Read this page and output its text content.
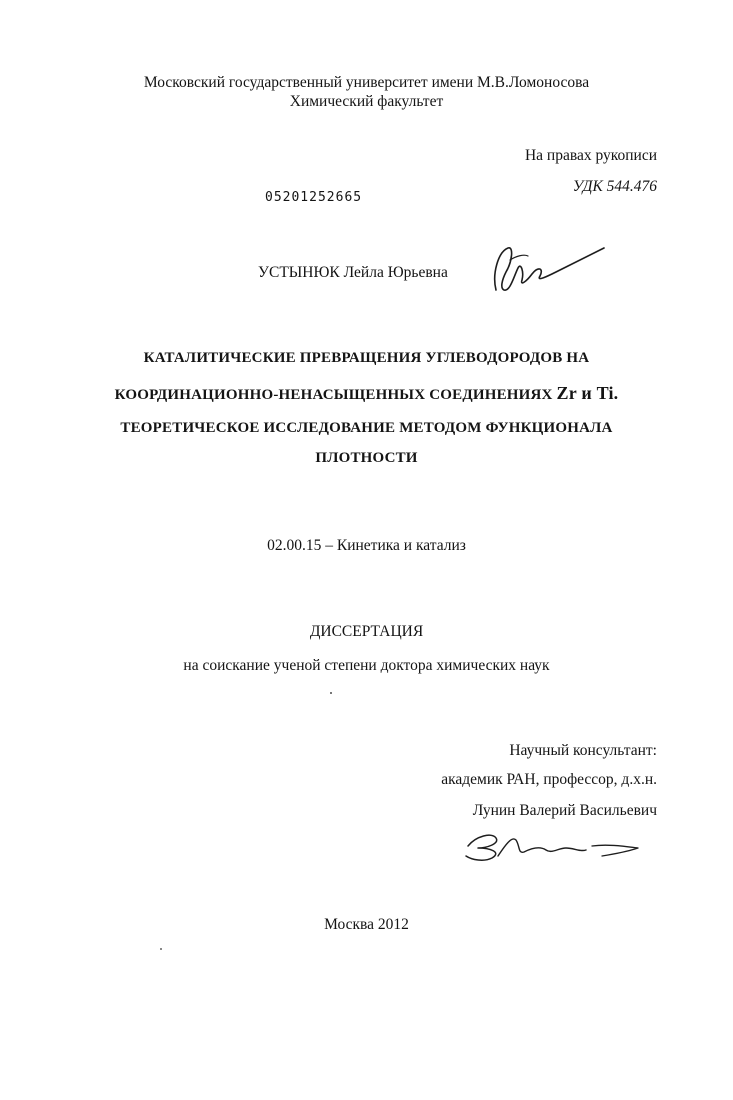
Московский государственный университет имени М.В.Ломоносова
Химический факультет
На правах рукописи
УДК 544.476
05201252665
УСТЫНЮК Лейла Юрьевна
КАТАЛИТИЧЕСКИЕ ПРЕВРАЩЕНИЯ УГЛЕВОДОРОДОВ НА
КООРДИНАЦИОННО-НЕНАСЫЩЕННЫХ СОЕДИНЕНИЯХ Zr и Ti.
ТЕОРЕТИЧЕСКОЕ ИССЛЕДОВАНИЕ МЕТОДОМ ФУНКЦИОНАЛА
ПЛОТНОСТИ
02.00.15 – Кинетика и катализ
ДИССЕРТАЦИЯ
на соискание ученой степени доктора химических наук
Научный консультант:
академик РАН, профессор, д.х.н.
Лунин Валерий Васильевич
Москва 2012
